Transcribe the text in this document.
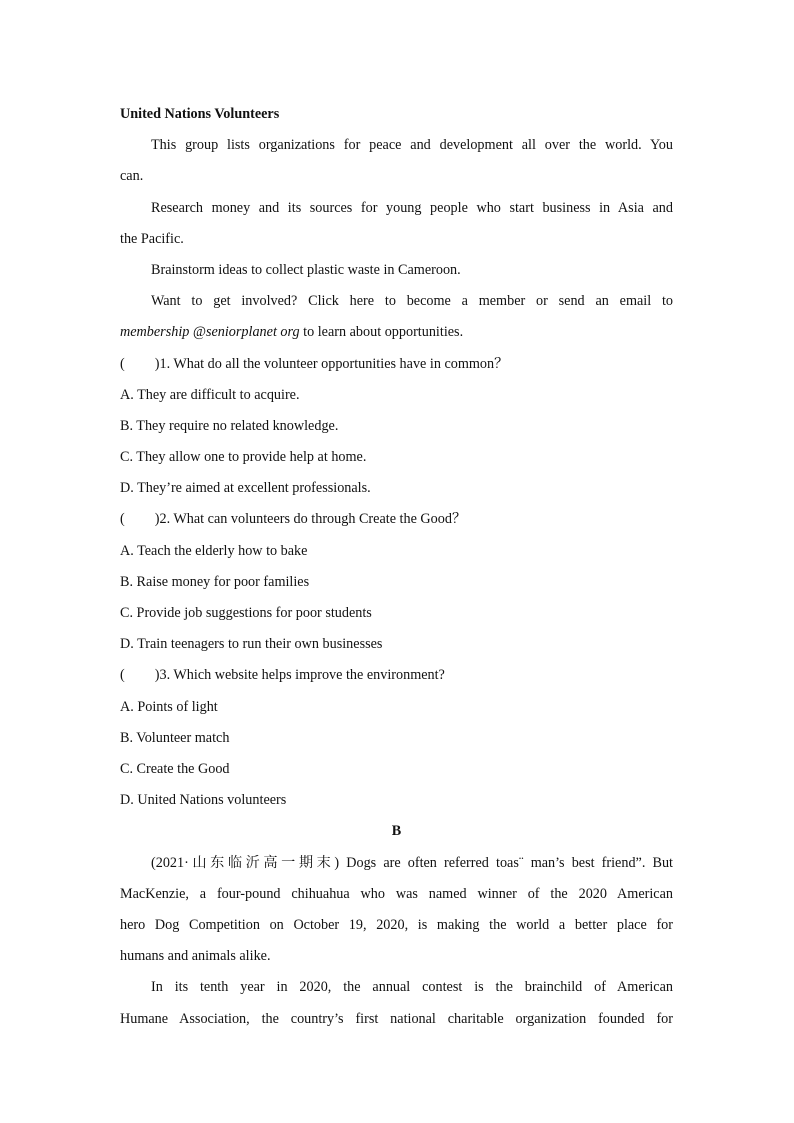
United Nations Volunteers

This group lists organizations for peace and development all over the world. You

can.

Research money and its sources for young people who start business in Asia and

the Pacific.

Brainstorm ideas to collect plastic waste in Cameroon.

Want to get involved? Click here to become a member or send an email to

membership @seniorplanet org to learn about opportunities.

( )1. What do all the volunteer opportunities have in common？

A. They are difficult to acquire.

B. They require no related knowledge.

C. They allow one to provide help at home.

D. They’re aimed at excellent professionals.

( )2. What can volunteers do through Create the Good？

A. Teach the elderly how to bake

B. Raise money for poor families

C. Provide job suggestions for poor students

D. Train teenagers to run their own businesses

( )3. Which website helps improve the environment?

A. Points of light

B. Volunteer match

C. Create the Good

D. United Nations volunteers

B

(2021·山东临沂高一期末) Dogs are often referred toas¨ man’s best friend”. But

MacKenzie, a four-pound chihuahua who was named winner of the 2020 American

hero Dog Competition on October 19, 2020, is making the world a better place for

humans and animals alike.

In its tenth year in 2020, the annual contest is the brainchild of American

Humane Association, the country’s first national charitable organization founded for
